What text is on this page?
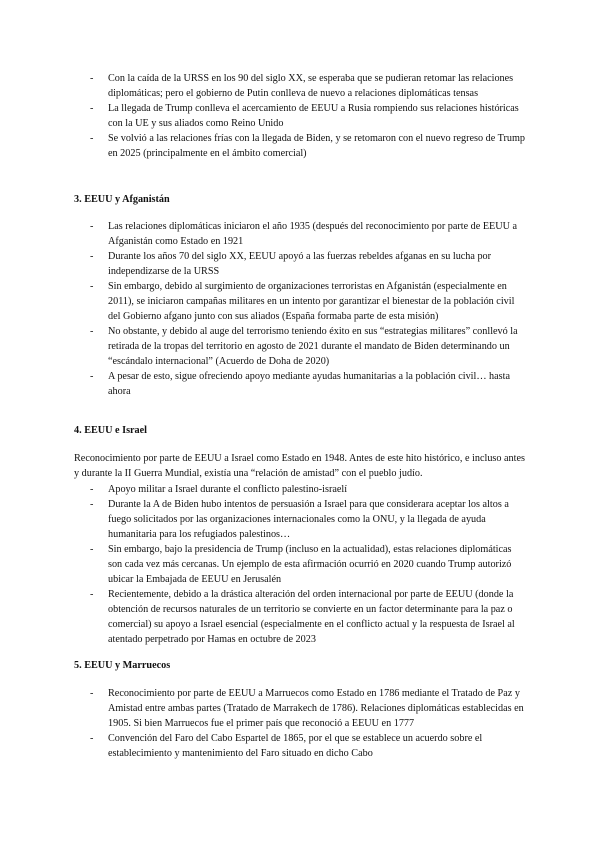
- Con la caída de la URSS en los 90 del siglo XX, se esperaba que se pudieran retomar las relaciones diplomáticas; pero el gobierno de Putin conlleva de nuevo a relaciones diplomáticas tensas
- La llegada de Trump conlleva el acercamiento de EEUU a Rusia rompiendo sus relaciones históricas con la UE y sus aliados como Reino Unido
- Se volvió a las relaciones frías con la llegada de Biden, y se retomaron con el nuevo regreso de Trump en 2025 (principalmente en el ámbito comercial)
3. EEUU y Afganistán
- Las relaciones diplomáticas iniciaron el año 1935 (después del reconocimiento por parte de EEUU a Afganistán como Estado en 1921
- Durante los años 70 del siglo XX, EEUU apoyó a las fuerzas rebeldes afganas en su lucha por independizarse de la URSS
- Sin embargo, debido al surgimiento de organizaciones terroristas en Afganistán (especialmente en 2011), se iniciaron campañas militares en un intento por garantizar el bienestar de la población civil del Gobierno afgano junto con sus aliados (España formaba parte de esta misión)
- No obstante, y debido al auge del terrorismo teniendo éxito en sus “estrategias militares” conllevó la retirada de la tropas del territorio en agosto de 2021 durante el mandato de Biden determinando un “escándalo internacional” (Acuerdo de Doha de 2020)
- A pesar de esto, sigue ofreciendo apoyo mediante ayudas humanitarias a la población civil… hasta ahora
4. EEUU e Israel
Reconocimiento por parte de EEUU a Israel como Estado en 1948. Antes de este hito histórico, e incluso antes y durante la II Guerra Mundial, existía una “relación de amistad” con el pueblo judío.
- Apoyo militar a Israel durante el conflicto palestino-israelí
- Durante la A de Biden hubo intentos de persuasión a Israel para que considerara aceptar los altos a fuego solicitados por las organizaciones internacionales como la ONU, y la llegada de ayuda humanitaria para los refugiados palestinos…
- Sin embargo, bajo la presidencia de Trump (incluso en la actualidad), estas relaciones diplomáticas son cada vez más cercanas. Un ejemplo de esta afirmación ocurrió en 2020 cuando Trump autorizó ubicar la Embajada de EEUU en Jerusalén
- Recientemente, debido a la drástica alteración del orden internacional por parte de EEUU (donde la obtención de recursos naturales de un territorio se convierte en un factor determinante para la paz o comercial) su apoyo a Israel esencial (especialmente en el conflicto actual y la respuesta de Israel al atentado perpetrado por Hamas en octubre de 2023
5. EEUU y Marruecos
- Reconocimiento por parte de EEUU a Marruecos como Estado en 1786 mediante el Tratado de Paz y Amistad entre ambas partes (Tratado de Marrakech de 1786). Relaciones diplomáticas establecidas en 1905. Si bien Marruecos fue el primer país que reconoció a EEUU en 1777
- Convención del Faro del Cabo Espartel de 1865, por el que se establece un acuerdo sobre el establecimiento y mantenimiento del Faro situado en dicho Cabo
